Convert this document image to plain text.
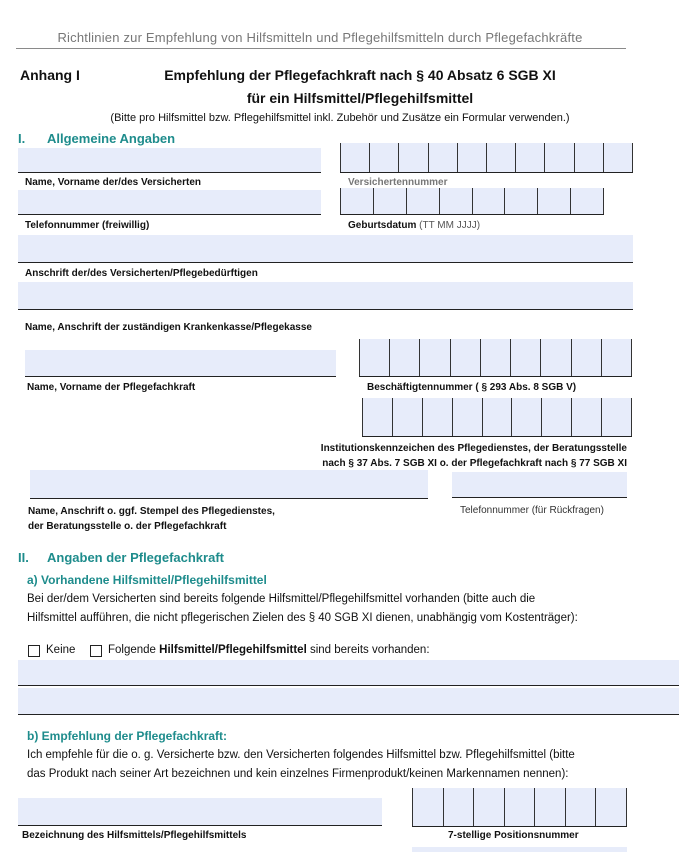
Richtlinien zur Empfehlung von Hilfsmitteln und Pflegehilfsmitteln durch Pflegefachkräfte
Anhang I	Empfehlung der Pflegefachkraft nach § 40 Absatz 6 SGB XI
für ein Hilfsmittel/Pflegehilfsmittel
(Bitte pro Hilfsmittel bzw. Pflegehilfsmittel inkl. Zubehör und Zusätze ein Formular verwenden.)
I. Allgemeine Angaben
Name, Vorname der/des Versicherten	Versichertennummer
Telefonnummer (freiwillig)	Geburtsdatum (TT MM JJJJ)
Anschrift der/des Versicherten/Pflegebedürftigen
Name, Anschrift der zuständigen Krankenkasse/Pflegekasse
Name, Vorname der Pflegefachkraft	Beschäftigtennummer ( § 293 Abs. 8 SGB V)
Institutionskennzeichen des Pflegedienstes, der Beratungsstelle
nach § 37 Abs. 7 SGB XI o. der Pflegefachkraft nach § 77 SGB XI
Name, Anschrift o. ggf. Stempel des Pflegedienstes,
der Beratungsstelle o. der Pflegefachkraft
Telefonnummer (für Rückfragen)
II. Angaben der Pflegefachkraft
a) Vorhandene Hilfsmittel/Pflegehilfsmittel
Bei der/dem Versicherten sind bereits folgende Hilfsmittel/Pflegehilfsmittel vorhanden (bitte auch die
Hilfsmittel aufführen, die nicht pflegerischen Zielen des § 40 SGB XI dienen, unabhängig vom Kostenträger):
Keine	Folgende Hilfsmittel/Pflegehilfsmittel sind bereits vorhanden:
b) Empfehlung der Pflegefachkraft:
Ich empfehle für die o. g. Versicherte bzw. den Versicherten folgendes Hilfsmittel bzw. Pflegehilfsmittel (bitte
das Produkt nach seiner Art bezeichnen und kein einzelnes Firmenprodukt/keinen Markennamen nennen):
Bezeichnung des Hilfsmittels/Pflegehilfsmittels	7-stellige Positionsnummer
